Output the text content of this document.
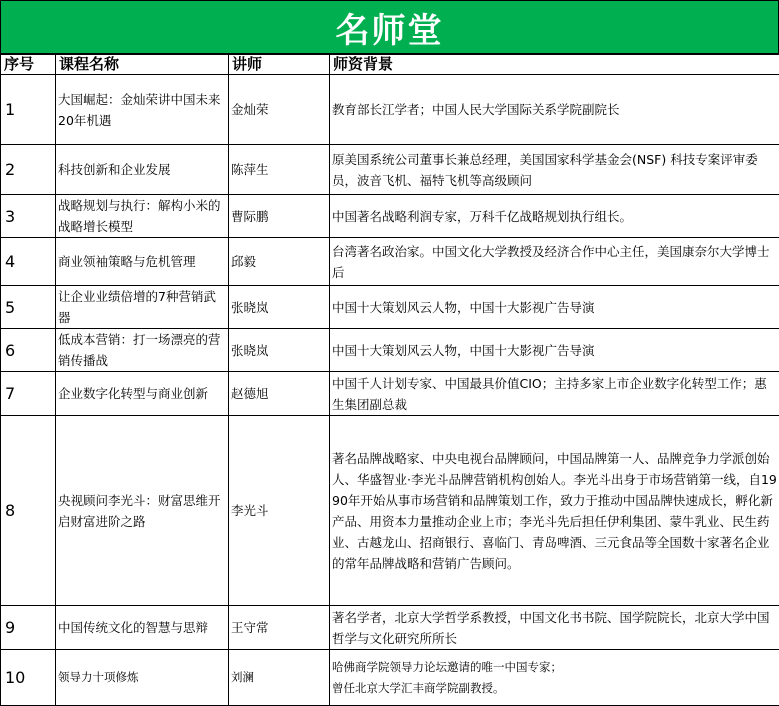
名师堂
序号	课程名称	讲师	师资背景
1	大国崛起：金灿荣讲中国未来20年机遇	金灿荣	教育部长江学者；中国人民大学国际关系学院副院长
2	科技创新和企业发展	陈萍生	原美国系统公司董事长兼总经理，美国国家科学基金会(NSF) 科技专案评审委员，波音飞机、福特飞机等高级顾问
3	战略规划与执行：解构小米的战略增长模型	曹际鹏	中国著名战略利润专家，万科千亿战略规划执行组长。
4	商业领袖策略与危机管理	邱毅	台湾著名政治家。中国文化大学教授及经济合作中心主任，美国康奈尔大学博士后
5	让企业业绩倍增的7种营销武器	张晓岚	中国十大策划风云人物，中国十大影视广告导演
6	低成本营销：打一场漂亮的营销传播战	张晓岚	中国十大策划风云人物，中国十大影视广告导演
7	企业数字化转型与商业创新	赵德旭	中国千人计划专家、中国最具价值CIO；主持多家上市企业数字化转型工作；惠生集团副总裁
8	央视顾问李光斗：财富思维开启财富进阶之路	李光斗	著名品牌战略家、中央电视台品牌顾问，中国品牌第一人、品牌竞争力学派创始人、华盛智业·李光斗品牌营销机构创始人。李光斗出身于市场营销第一线，自1990年开始从事市场营销和品牌策划工作，致力于推动中国品牌快速成长，孵化新产品、用资本力量推动企业上市；李光斗先后担任伊利集团、蒙牛乳业、民生药业、古越龙山、招商银行、喜临门、青岛啤酒、三元食品等全国数十家著名企业的常年品牌战略和营销广告顾问。
9	中国传统文化的智慧与思辩	王守常	著名学者，北京大学哲学系教授，中国文化书书院、国学院院长，北京大学中国哲学与文化研究所所长
10	领导力十项修炼	刘澜	哈佛商学院领导力论坛邀请的唯一中国专家；
曾任北京大学汇丰商学院副教授。
